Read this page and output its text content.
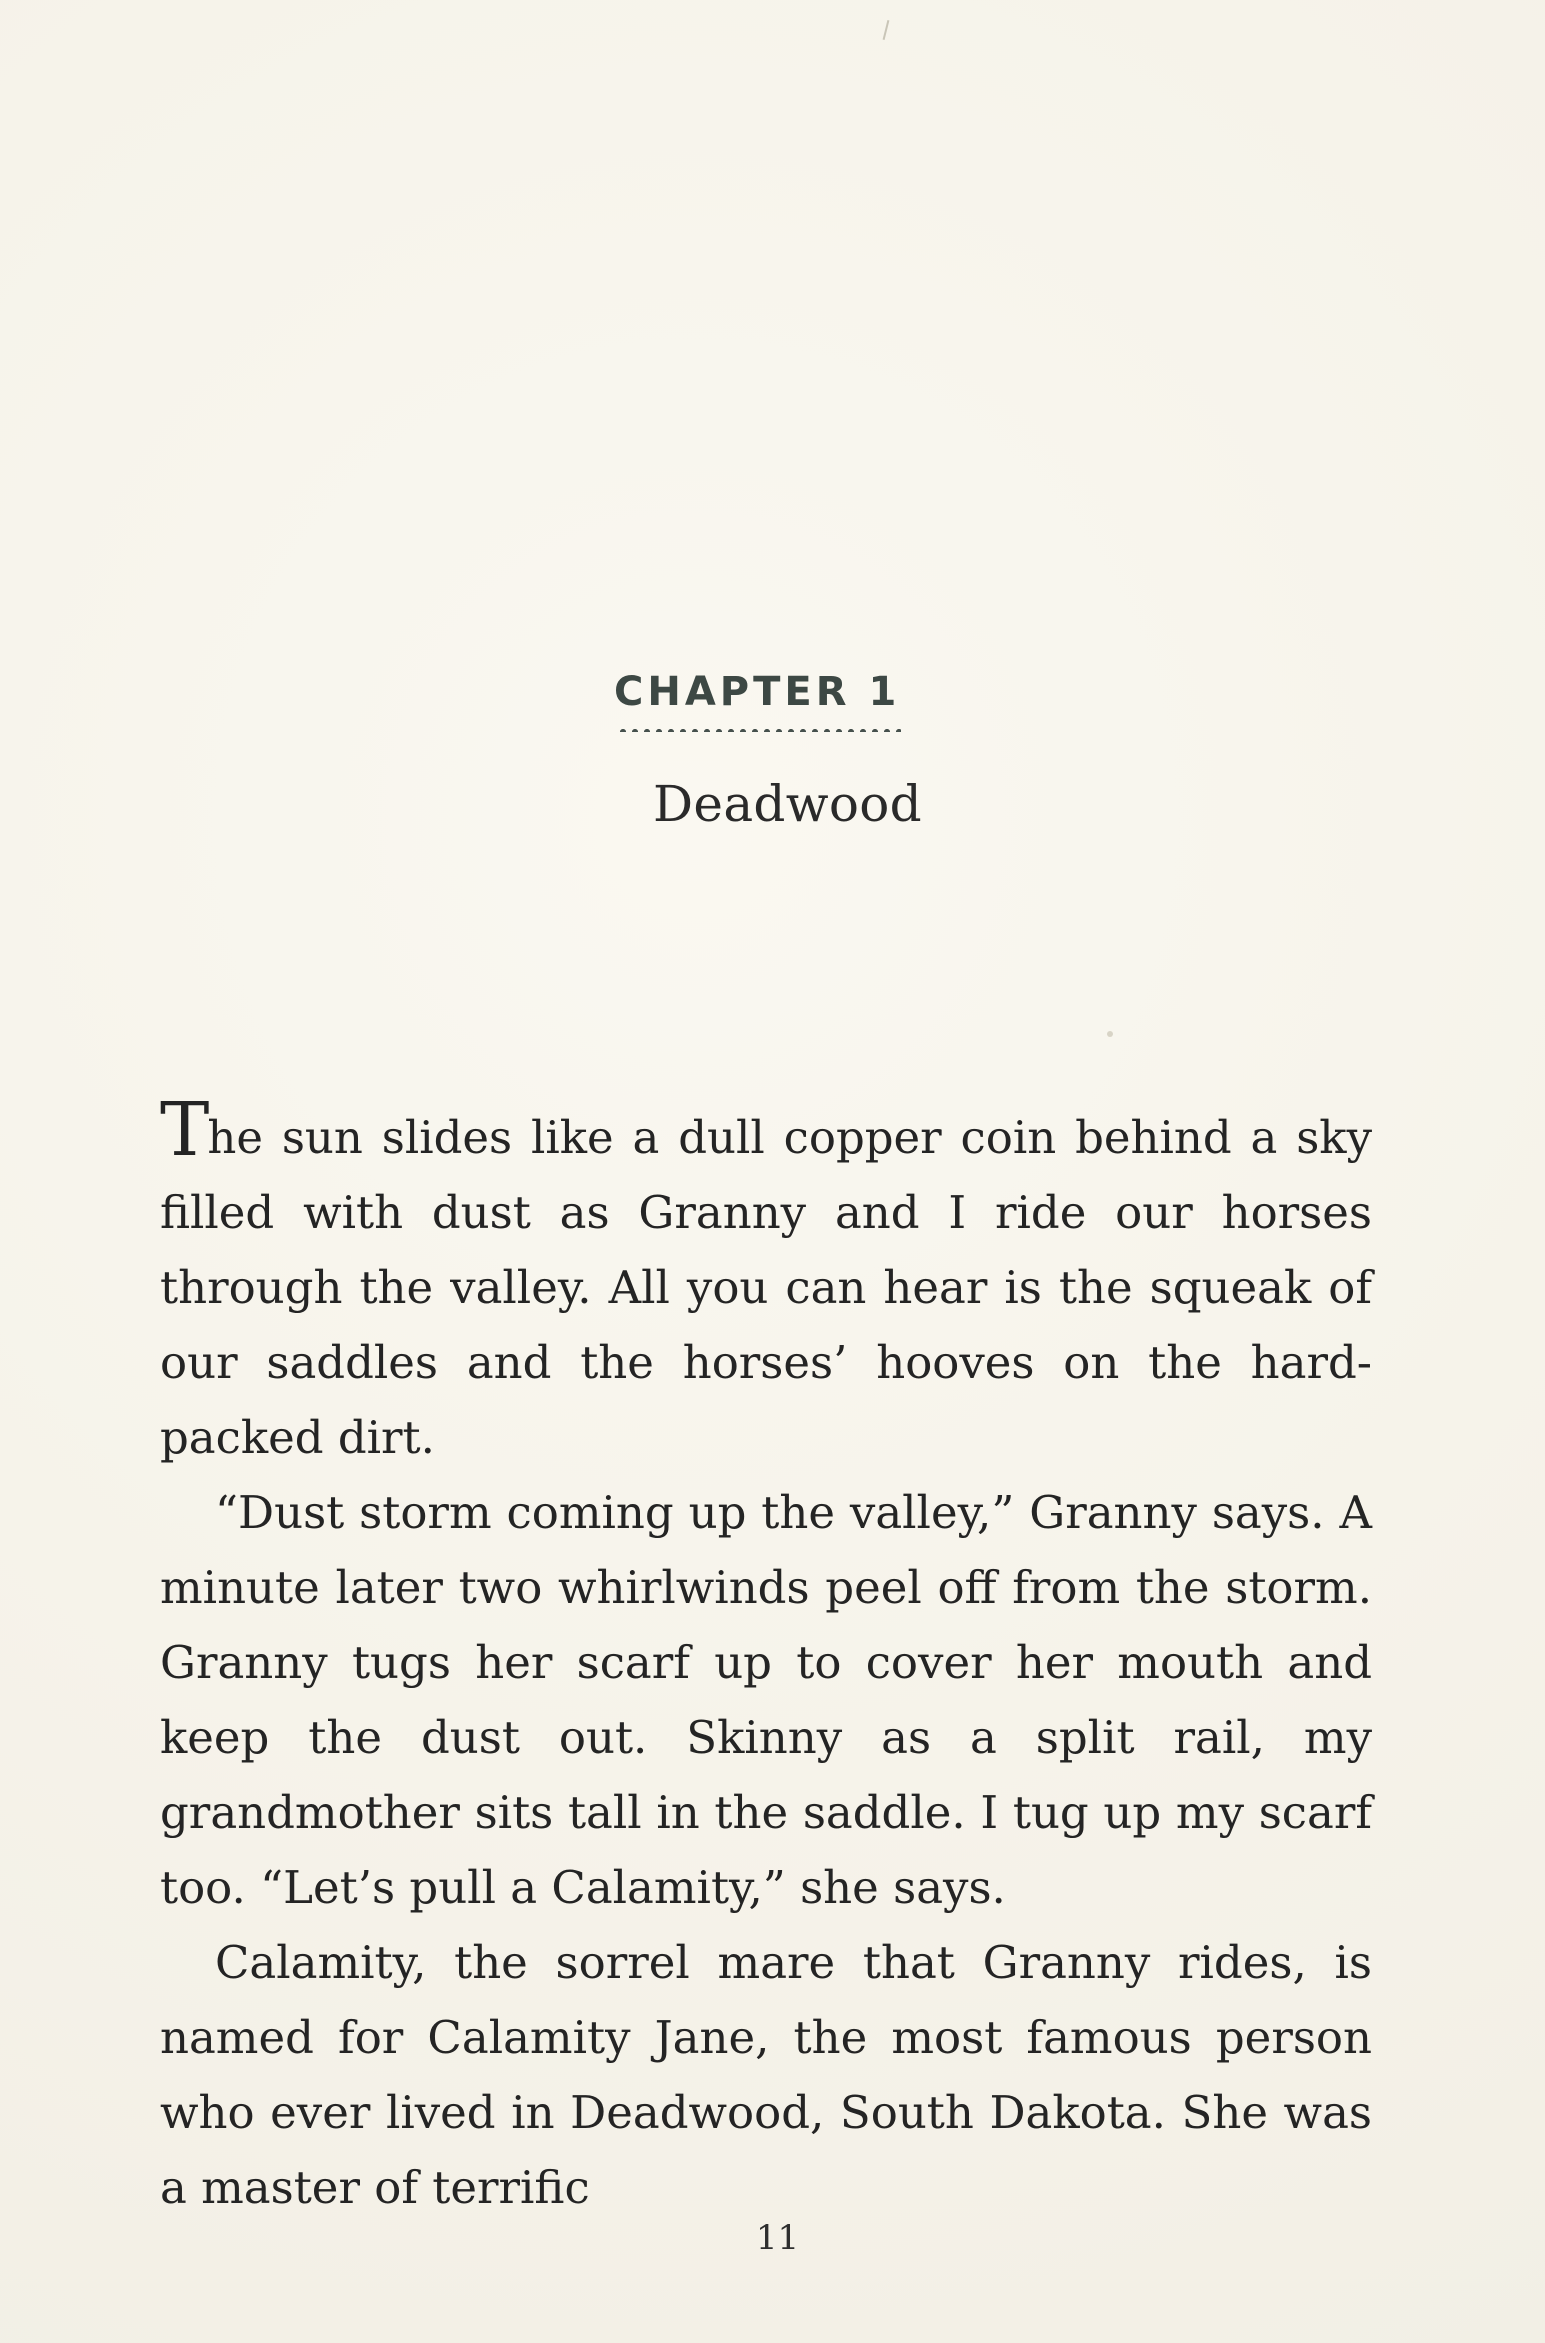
CHAPTER 1
Deadwood

The sun slides like a dull copper coin behind a sky filled with dust as Granny and I ride our horses through the valley. All you can hear is the squeak of our saddles and the horses’ hooves on the hard-packed dirt.

“Dust storm coming up the valley,” Granny says. A minute later two whirlwinds peel off from the storm. Granny tugs her scarf up to cover her mouth and keep the dust out. Skinny as a split rail, my grandmother sits tall in the saddle. I tug up my scarf too. “Let’s pull a Calamity,” she says.

Calamity, the sorrel mare that Granny rides, is named for Calamity Jane, the most famous person who ever lived in Deadwood, South Dakota. She was a master of terrific

11
